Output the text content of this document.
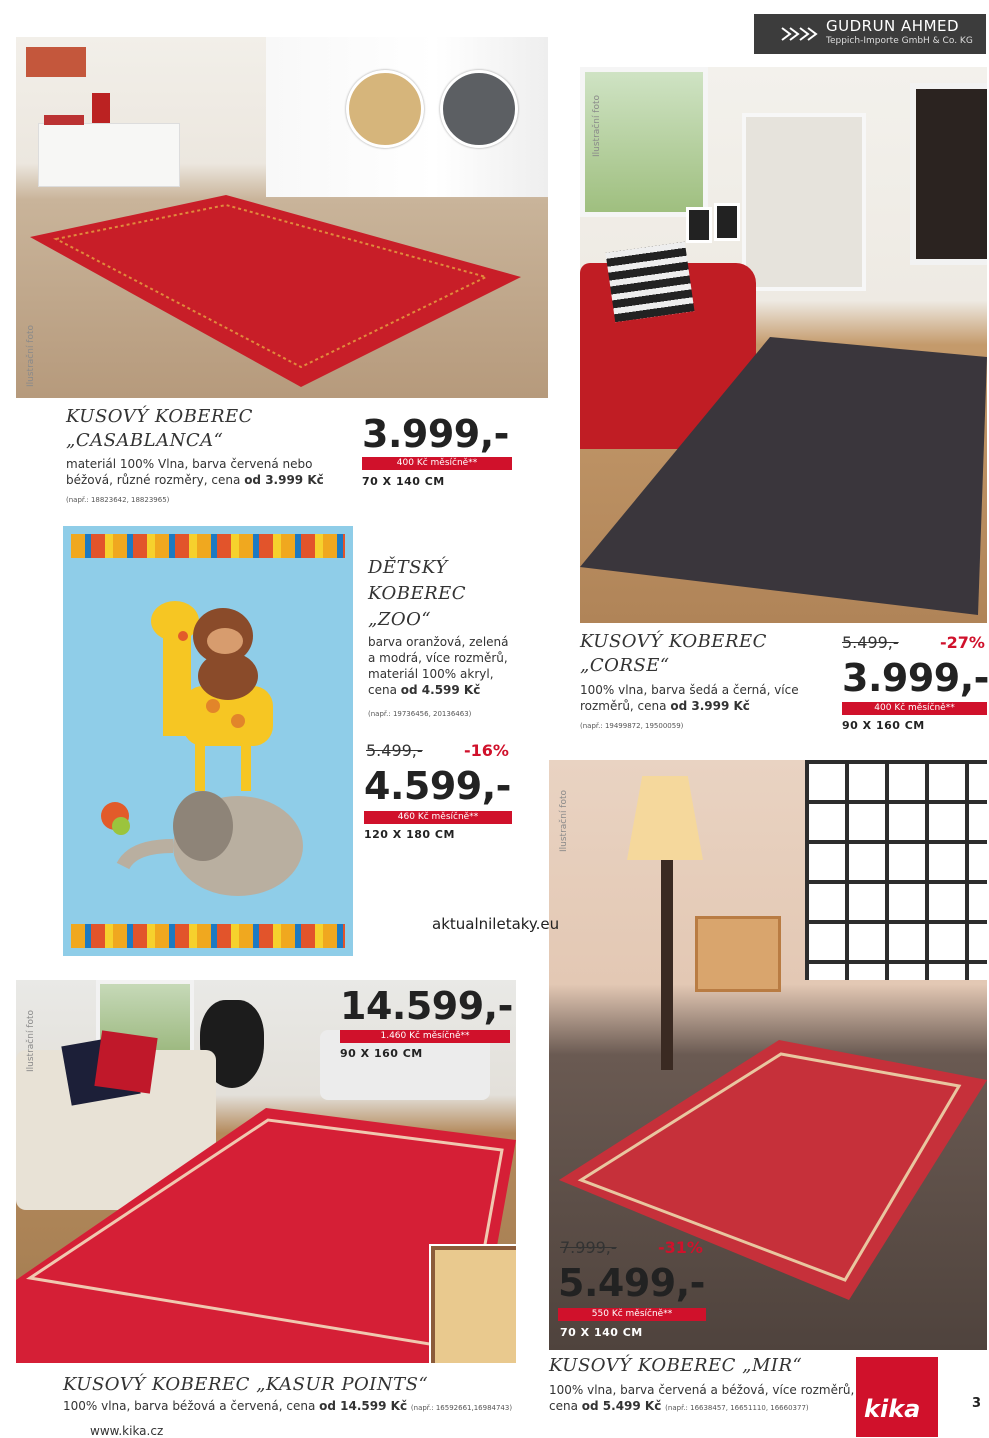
GUDRUN AHMED
Teppich-Importe GmbH & Co. KG
Ilustrační foto
KUSOVÝ KOBEREC
„CASABLANCA“
materiál 100% Vlna, barva červená nebo béžová, různé rozměry, cena od 3.999 Kč
(např.: 18823642, 18823965)
3.999,-
400 Kč měsíčně**
70 X 140 CM
Ilustrační foto
KUSOVÝ KOBEREC
„CORSE“
100% vlna, barva šedá a černá, více rozměrů, cena od 3.999 Kč
(např.: 19499872, 19500059)
5.499,-	-27%
3.999,-
400 Kč měsíčně**
90 X 160 CM
DĚTSKÝ
KOBEREC
„ZOO“
barva oranžová, zelená a modrá, více rozměrů, materiál 100% akryl, cena od 4.599 Kč
(např.: 19736456, 20136463)
5.499,-	-16%
4.599,-
460 Kč měsíčně**
120 X 180 CM	Ilustrační foto
7.999,-	-31%
5.499,-
550 Kč měsíčně**
70 X 140 CM
KUSOVÝ KOBEREC „MIR“
100% vlna, barva červená a béžová, více rozměrů,
cena od 5.499 Kč (např.: 16638457, 16651110, 16660377)
aktualniletaky.eu
Ilustrační foto
14.599,-
1.460 Kč měsíčně**
90 X 160 CM
KUSOVÝ KOBEREC „KASUR POINTS“
100% vlna, barva béžová a červená, cena od 14.599 Kč (např.: 16592661,16984743)
www.kika.cz
kika	3
